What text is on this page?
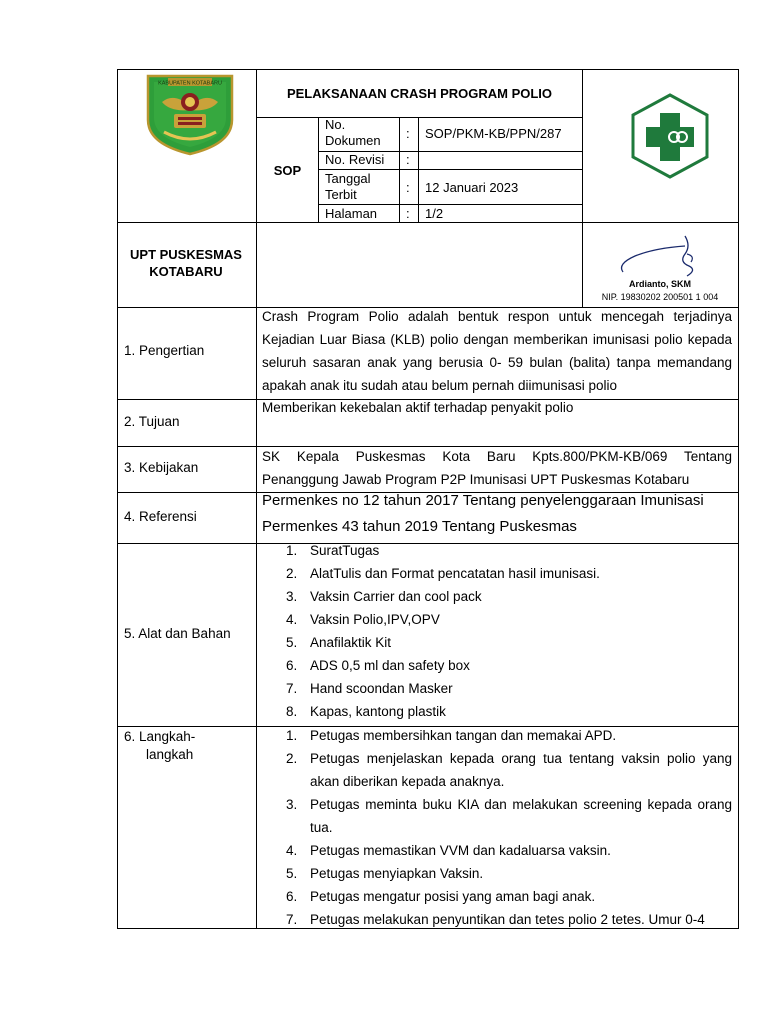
KABUPATEN KOTABARU
PELAKSANAAN CRASH PROGRAM POLIO
SOP
No. Dokumen	: SOP/PKM-KB/PPN/287
No. Revisi :
Tanggal Terbit	: 12 Januari 2023
Halaman : 1/2
UPT PUSKESMAS KOTABARU
Ardianto, SKM
NIP. 19830202 200501 1 004
1. Pengertian
Crash Program Polio adalah bentuk respon untuk mencegah terjadinya Kejadian Luar Biasa (KLB) polio dengan memberikan imunisasi polio kepada seluruh sasaran anak yang berusia 0- 59 bulan (balita) tanpa memandang apakah anak itu sudah atau belum pernah diimunisasi polio
2. Tujuan
Memberikan kekebalan aktif terhadap penyakit polio
3. Kebijakan
SK Kepala Puskesmas Kota Baru Kpts.800/PKM-KB/069 Tentang Penanggung Jawab Program P2P Imunisasi UPT Puskesmas Kotabaru
4. Referensi
Permenkes no 12 tahun 2017 Tentang penyelenggaraan Imunisasi
Permenkes 43 tahun 2019 Tentang Puskesmas
5. Alat dan Bahan
1. SuratTugas
2. AlatTulis dan Format pencatatan hasil imunisasi.
3. Vaksin Carrier dan cool pack
4. Vaksin Polio,IPV,OPV
5. Anafilaktik Kit
6. ADS 0,5 ml dan safety box
7. Hand scoondan Masker
8. Kapas, kantong plastik
6. Langkah-
langkah
1. Petugas membersihkan tangan dan memakai APD.
2. Petugas menjelaskan kepada orang tua tentang vaksin polio yang akan diberikan kepada anaknya.
3. Petugas meminta buku KIA dan melakukan screening kepada orang tua.
4. Petugas memastikan VVM dan kadaluarsa vaksin.
5. Petugas menyiapkan Vaksin.
6. Petugas mengatur posisi yang aman bagi anak.
7. Petugas melakukan penyuntikan dan tetes polio 2 tetes. Umur 0-4
